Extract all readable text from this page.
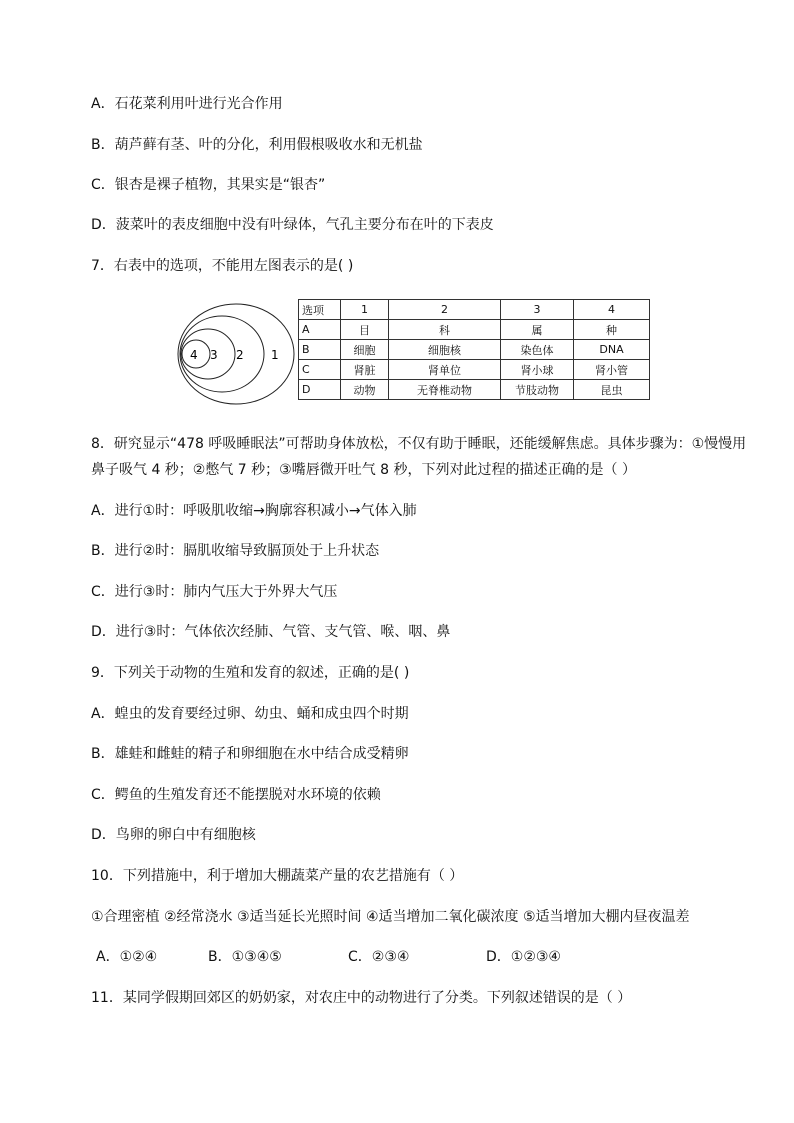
A．石花菜利用叶进行光合作用
B．葫芦藓有茎、叶的分化，利用假根吸收水和无机盐
C．银杏是裸子植物，其果实是“银杏”
D．菠菜叶的表皮细胞中没有叶绿体，气孔主要分布在叶的下表皮
7．右表中的选项，不能用左图表示的是( )
4 3 2 1
选项	1	2	3	4
A	目	科	属	种
B	细胞	细胞核	染色体	DNA
C	肾脏	肾单位	肾小球	肾小管
D	动物	无脊椎动物	节肢动物	昆虫
8．研究显示“478 呼吸睡眠法”可帮助身体放松，不仅有助于睡眠，还能缓解焦虑。具体步骤为：①慢慢用
鼻子吸气 4 秒；②憋气 7 秒；③嘴唇微开吐气 8 秒，下列对此过程的描述正确的是（ ）
A．进行①时：呼吸肌收缩→胸廓容积减小→气体入肺
B．进行②时：膈肌收缩导致膈顶处于上升状态
C．进行③时：肺内气压大于外界大气压
D．进行③时：气体依次经肺、气管、支气管、喉、咽、鼻
9．下列关于动物的生殖和发育的叙述，正确的是( )
A．蝗虫的发育要经过卵、幼虫、蛹和成虫四个时期
B．雄蛙和雌蛙的精子和卵细胞在水中结合成受精卵
C．鳄鱼的生殖发育还不能摆脱对水环境的依赖
D．鸟卵的卵白中有细胞核
10．下列措施中，利于增加大棚蔬菜产量的农艺措施有（ ）
①合理密植 ②经常浇水 ③适当延长光照时间 ④适当增加二氧化碳浓度 ⑤适当增加大棚内昼夜温差
A．①②④	B．①③④⑤	C．②③④	D．①②③④
11．某同学假期回郊区的奶奶家，对农庄中的动物进行了分类。下列叙述错误的是（ ）
